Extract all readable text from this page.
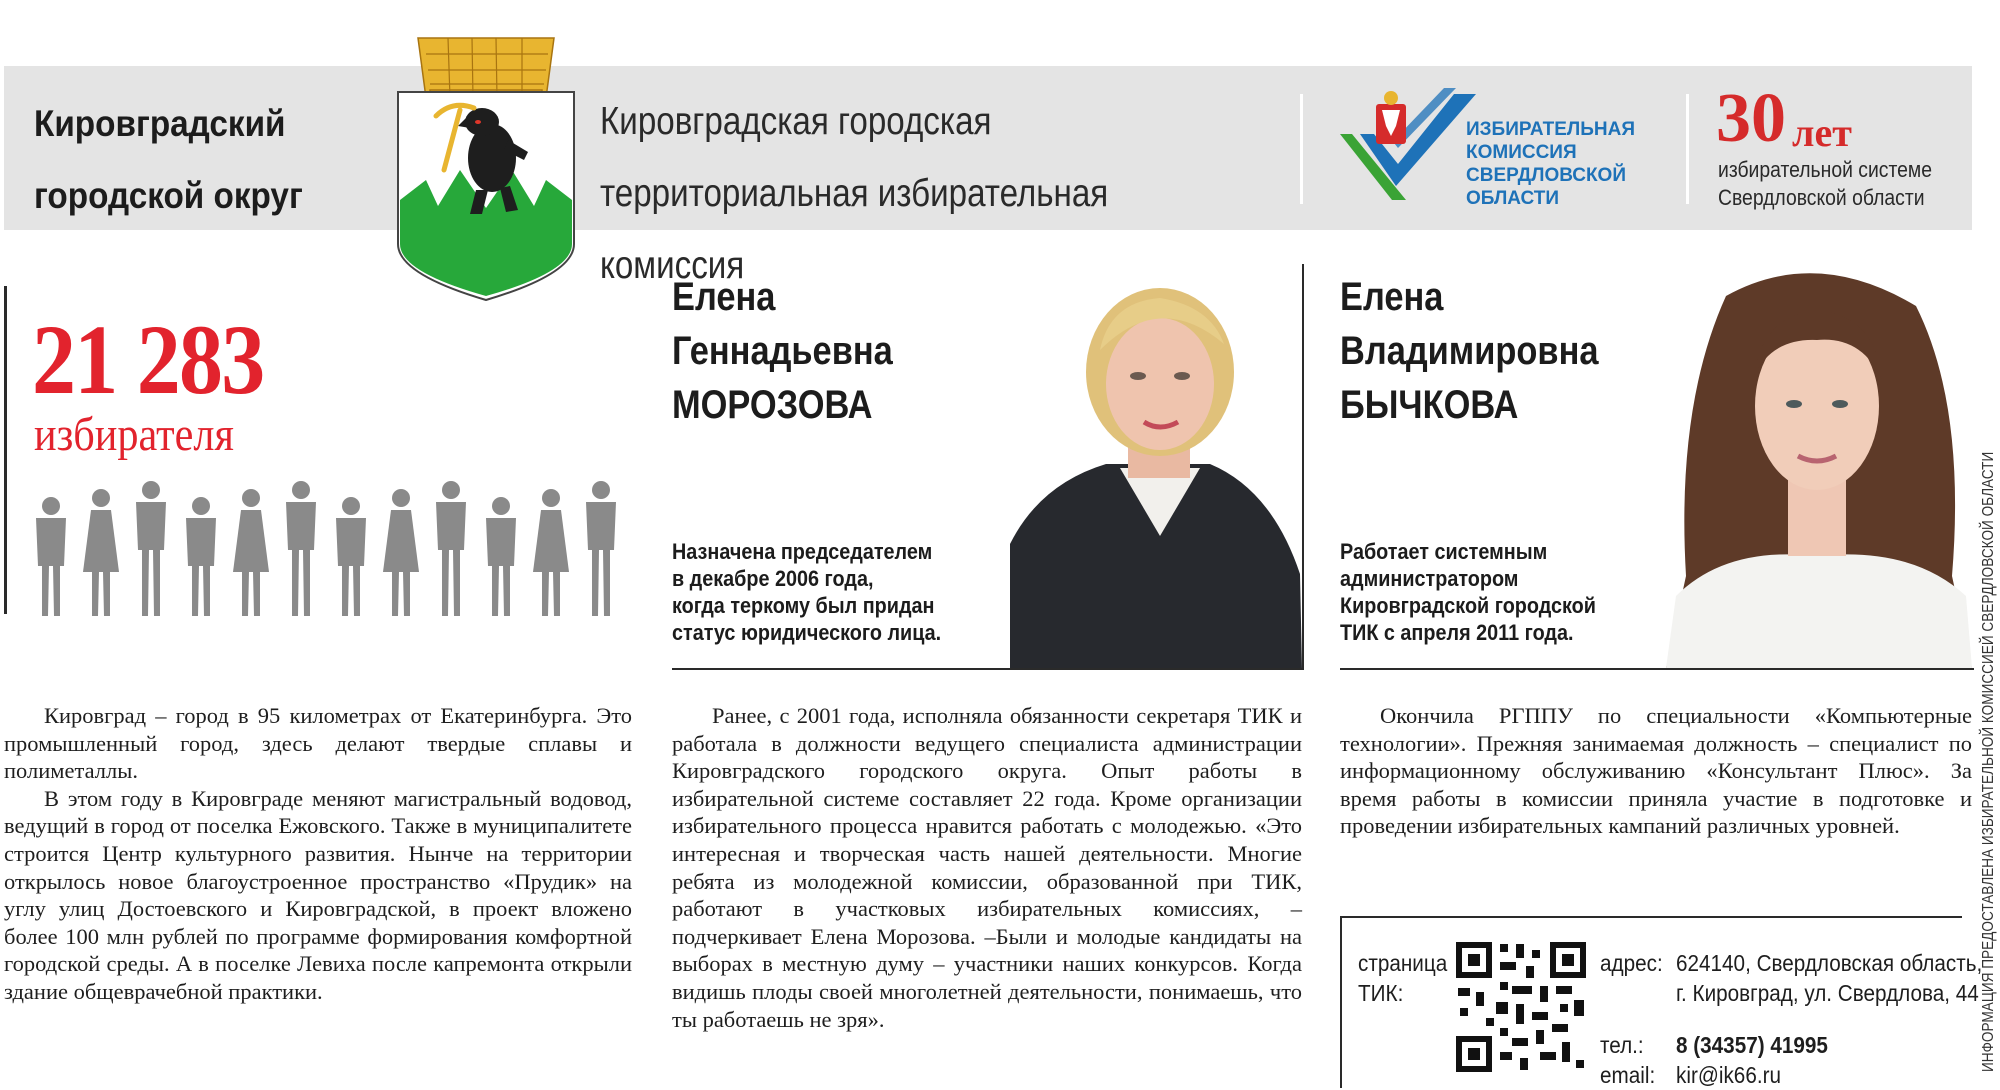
Кировградский
городской округ
Кировградская городская
территориальная избирательная комиссия
ИЗБИРАТЕЛЬНАЯ
КОМИССИЯ
СВЕРДЛОВСКОЙ
ОБЛАСТИ
30 лет
избирательной системе
Свердловской области
21 283
избирателя
Елена
Геннадьевна
МОРОЗОВА
Назначена председателем
в декабре 2006 года,
когда теркому был придан
статус юридического лица.
Елена
Владимировна
БЫЧКОВА
Работает системным
администратором
Кировградской городской
ТИК с апреля 2011 года.

Кировград – город в 95 километрах от Екатеринбурга. Это промышленный город, здесь делают твердые сплавы и полиметаллы.

В этом году в Кировграде меняют магистральный водовод, ведущий в город от поселка Ежовского. Также в муниципалитете строится Центр культурного развития. Нынче на территории открылось новое благоустроенное пространство «Прудик» на углу улиц Достоевского и Кировградской, в проект вложено более 100 млн рублей по программе формирования комфортной городской среды. А в поселке Левиха после капремонта открыли здание общеврачебной практики.

Ранее, с 2001 года, исполняла обязанности секретаря ТИК и работала в должности ведущего специалиста администрации Кировградского городского округа. Опыт работы в избирательной системе составляет 22 года. Кроме организации избирательного процесса нравится работать с молодежью. «Это интересная и творческая часть нашей деятельности. Многие ребята из молодежной комиссии, образованной при ТИК, работают в участковых избирательных комиссиях, – подчеркивает Елена Морозова. –Были и молодые кандидаты на выборах в местную думу – участники наших конкурсов. Когда видишь плоды своей многолетней деятельности, понимаешь, что ты работаешь не зря».

Окончила РГППУ по специальности «Компьютерные технологии». Прежняя занимаемая должность – специалист по информационному обслуживанию «Консультант Плюс». За время работы в комиссии приняла участие в подготовке и проведении избирательных кампаний различных уровней.

страница
ТИК:
адрес: 624140, Свердловская область,
г. Кировград, ул. Свердлова, 44
тел.: 8 (34357) 41995
email: kir@ik66.ru
ИНФОРМАЦИЯ ПРЕДОСТАВЛЕНА ИЗБИРАТЕЛЬНОЙ КОМИССИЕЙ СВЕРДЛОВСКОЙ ОБЛАСТИ
